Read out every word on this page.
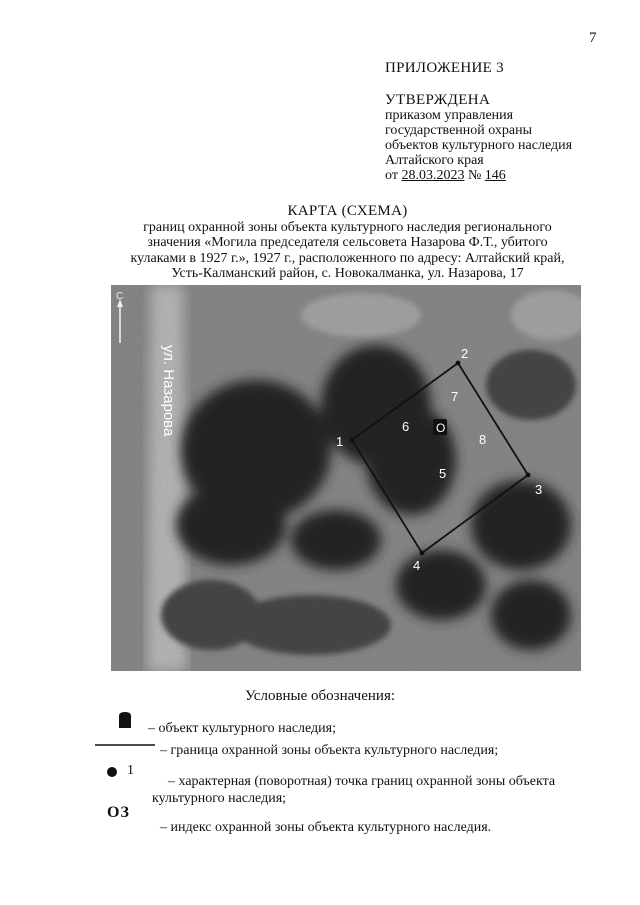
7
ПРИЛОЖЕНИЕ 3
УТВЕРЖДЕНА
приказом управления
государственной охраны
объектов культурного наследия
Алтайского края
от 28.03.2023 № 146
КАРТА (СХЕМА)
границ охранной зоны объекта культурного наследия регионального
значения «Могила председателя сельсовета Назарова Ф.Т., убитого
кулаками в 1927 г.», 1927 г., расположенного по адресу: Алтайский край,
Усть-Калманский район, с. Новокалманка, ул. Назарова, 17
С
ул. Назарова
1
2
3
4
5
6
7
8
О
Условные обозначения:
– объект культурного наследия;
– граница охранной зоны объекта культурного наследия;
1
– характерная (поворотная) точка границ охранной зоны объекта
культурного наследия;
ОЗ
– индекс охранной зоны объекта культурного наследия.
